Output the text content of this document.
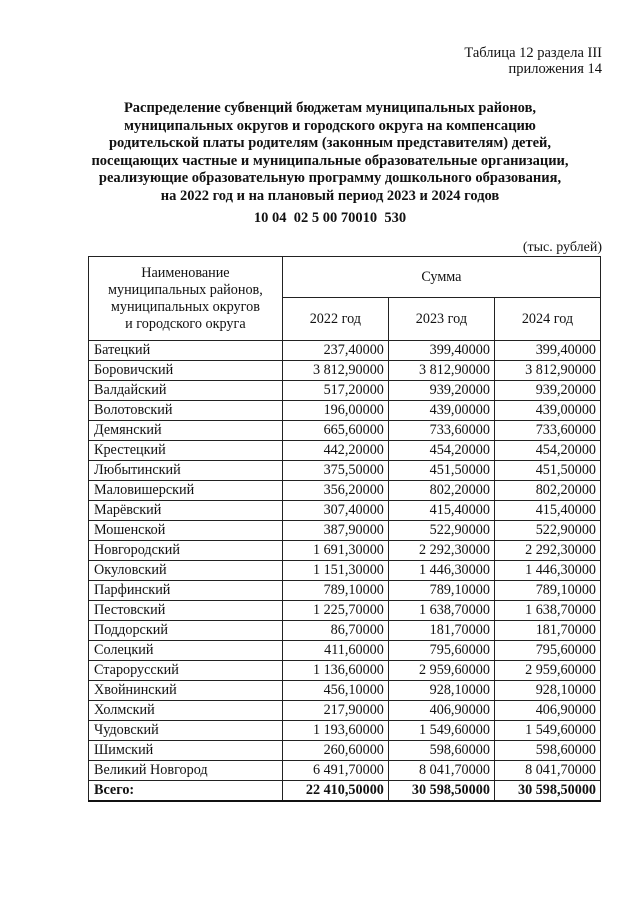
Таблица 12 раздела III
приложения 14
Распределение субвенций бюджетам муниципальных районов,
муниципальных округов и городского округа на компенсацию
родительской платы родителям (законным представителям) детей,
посещающих частные и муниципальные образовательные организации,
реализующие образовательную программу дошкольного образования,
на 2022 год и на плановый период 2023 и 2024 годов
10 04  02 5 00 70010  530
(тыс. рублей)
Наименование
муниципальных районов,
муниципальных округов
и городского округа	Сумма		
	2022 год	2023 год	2024 год
Батецкий	237,40000	399,40000	399,40000
Боровичский	3 812,90000	3 812,90000	3 812,90000
Валдайский	517,20000	939,20000	939,20000
Волотовский	196,00000	439,00000	439,00000
Демянский	665,60000	733,60000	733,60000
Крестецкий	442,20000	454,20000	454,20000
Любытинский	375,50000	451,50000	451,50000
Маловишерский	356,20000	802,20000	802,20000
Марёвский	307,40000	415,40000	415,40000
Мошенской	387,90000	522,90000	522,90000
Новгородский	1 691,30000	2 292,30000	2 292,30000
Окуловский	1 151,30000	1 446,30000	1 446,30000
Парфинский	789,10000	789,10000	789,10000
Пестовский	1 225,70000	1 638,70000	1 638,70000
Поддорский	86,70000	181,70000	181,70000
Солецкий	411,60000	795,60000	795,60000
Старорусский	1 136,60000	2 959,60000	2 959,60000
Хвойнинский	456,10000	928,10000	928,10000
Холмский	217,90000	406,90000	406,90000
Чудовский	1 193,60000	1 549,60000	1 549,60000
Шимский	260,60000	598,60000	598,60000
Великий Новгород	6 491,70000	8 041,70000	8 041,70000
Всего:	22 410,50000	30 598,50000	30 598,50000
